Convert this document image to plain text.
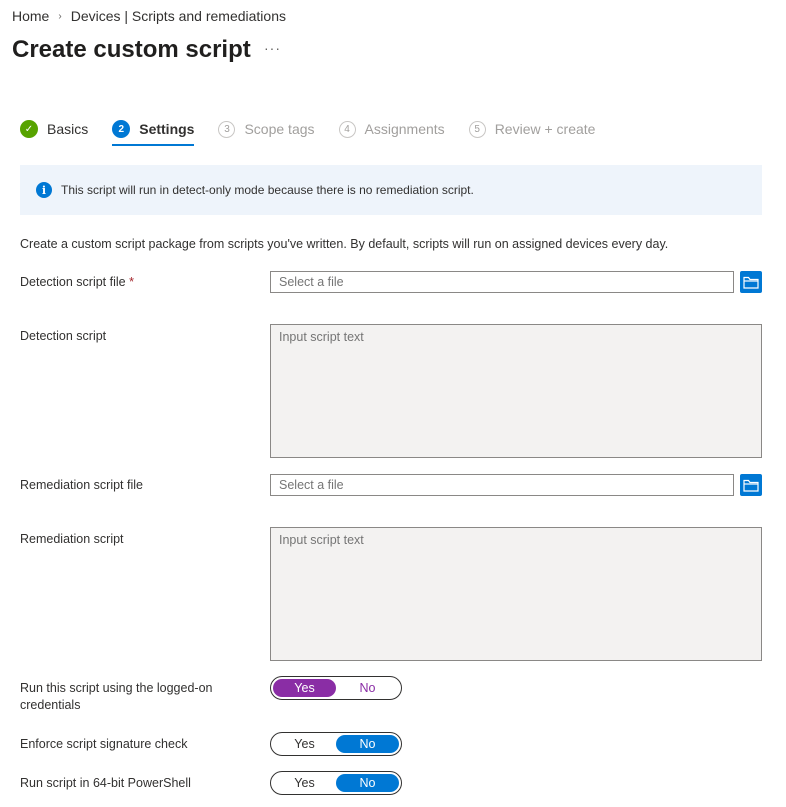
Home › Devices | Scripts and remediations
Create custom script ···
✓ Basics	2	Settings	3	Scope tags	4	Assignments	5	Review + create
i	This script will run in detect-only mode because there is no remediation script.
Create a custom script package from scripts you've written. By default, scripts will run on assigned devices every day.
Detection script file *
Select a file
Detection script
Input script text
Remediation script file
Select a file
Remediation script
Input script text
Run this script using the logged-on
credentials
Yes	No
Enforce script signature check	Yes	No
Run script in 64-bit PowerShell	Yes	No
